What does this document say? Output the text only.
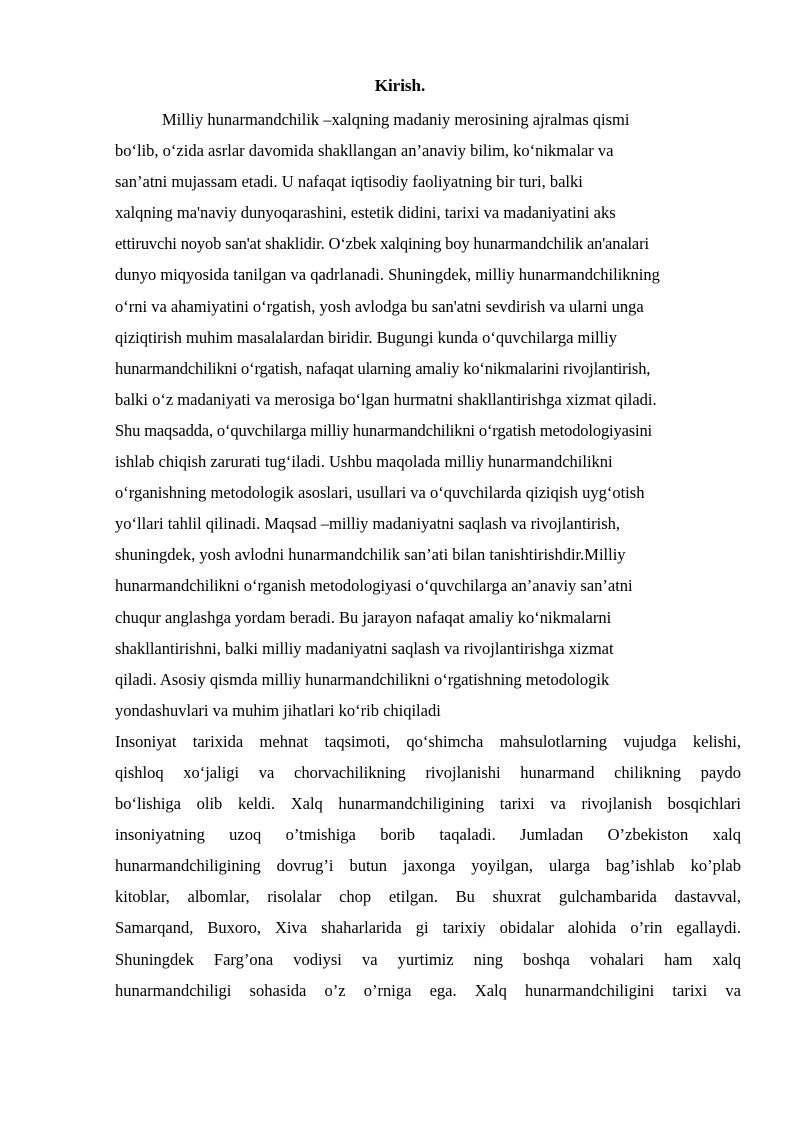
Kirish.
Milliy hunarmandchilik –xalqning madaniy merosining ajralmas qismi
bo‘lib, o‘zida asrlar davomida shakllangan an’anaviy bilim, ko‘nikmalar va
san’atni mujassam etadi. U nafaqat iqtisodiy faoliyatning bir turi, balki
xalqning ma'naviy dunyoqarashini, estetik didini, tarixi va madaniyatini aks
ettiruvchi noyob san'at shaklidir. O‘zbek xalqining boy hunarmandchilik an'analari
dunyo miqyosida tanilgan va qadrlanadi. Shuningdek, milliy hunarmandchilikning
o‘rni va ahamiyatini o‘rgatish, yosh avlodga bu san'atni sevdirish va ularni unga
qiziqtirish muhim masalalardan biridir. Bugungi kunda o‘quvchilarga milliy
hunarmandchilikni o‘rgatish, nafaqat ularning amaliy ko‘nikmalarini rivojlantirish,
balki o‘z madaniyati va merosiga bo‘lgan hurmatni shakllantirishga xizmat qiladi.
Shu maqsadda, o‘quvchilarga milliy hunarmandchilikni o‘rgatish metodologiyasini
ishlab chiqish zarurati tug‘iladi. Ushbu maqolada milliy hunarmandchilikni
o‘rganishning metodologik asoslari, usullari va o‘quvchilarda qiziqish uyg‘otish
yo‘llari tahlil qilinadi. Maqsad –milliy madaniyatni saqlash va rivojlantirish,
shuningdek, yosh avlodni hunarmandchilik san’ati bilan tanishtirishdir.Milliy
hunarmandchilikni o‘rganish metodologiyasi o‘quvchilarga an’anaviy san’atni
chuqur anglashga yordam beradi. Bu jarayon nafaqat amaliy ko‘nikmalarni
shakllantirishni, balki milliy madaniyatni saqlash va rivojlantirishga xizmat
qiladi. Asosiy qismda milliy hunarmandchilikni o‘rgatishning metodologik
yondashuvlari va muhim jihatlari ko‘rib chiqiladi
Insoniyat tarixida mehnat taqsimoti, qo‘shimcha mahsulotlarning vujudga kelishi,
qishloq xo‘jaligi va chorvachilikning rivojlanishi hunarmand chilikning paydo
bo‘lishiga olib keldi. Xalq hunarmandchiligining tarixi va rivojlanish bosqichlari
insoniyatning uzoq o’tmishiga borib taqaladi. Jumladan O’zbekiston xalq
hunarmandchiligining dovrug’i butun jaxonga yoyilgan, ularga bag’ishlab ko’plab
kitoblar, albomlar, risolalar chop etilgan. Bu shuxrat gulchambarida dastavval,
Samarqand, Buxoro, Xiva shaharlarida gi tarixiy obidalar alohida o’rin egallaydi.
Shuningdek Farg’ona vodiysi va yurtimiz ning boshqa vohalari ham xalq
hunarmandchiligi sohasida o’z o’rniga ega. Xalq hunarmandchiligini tarixi va
